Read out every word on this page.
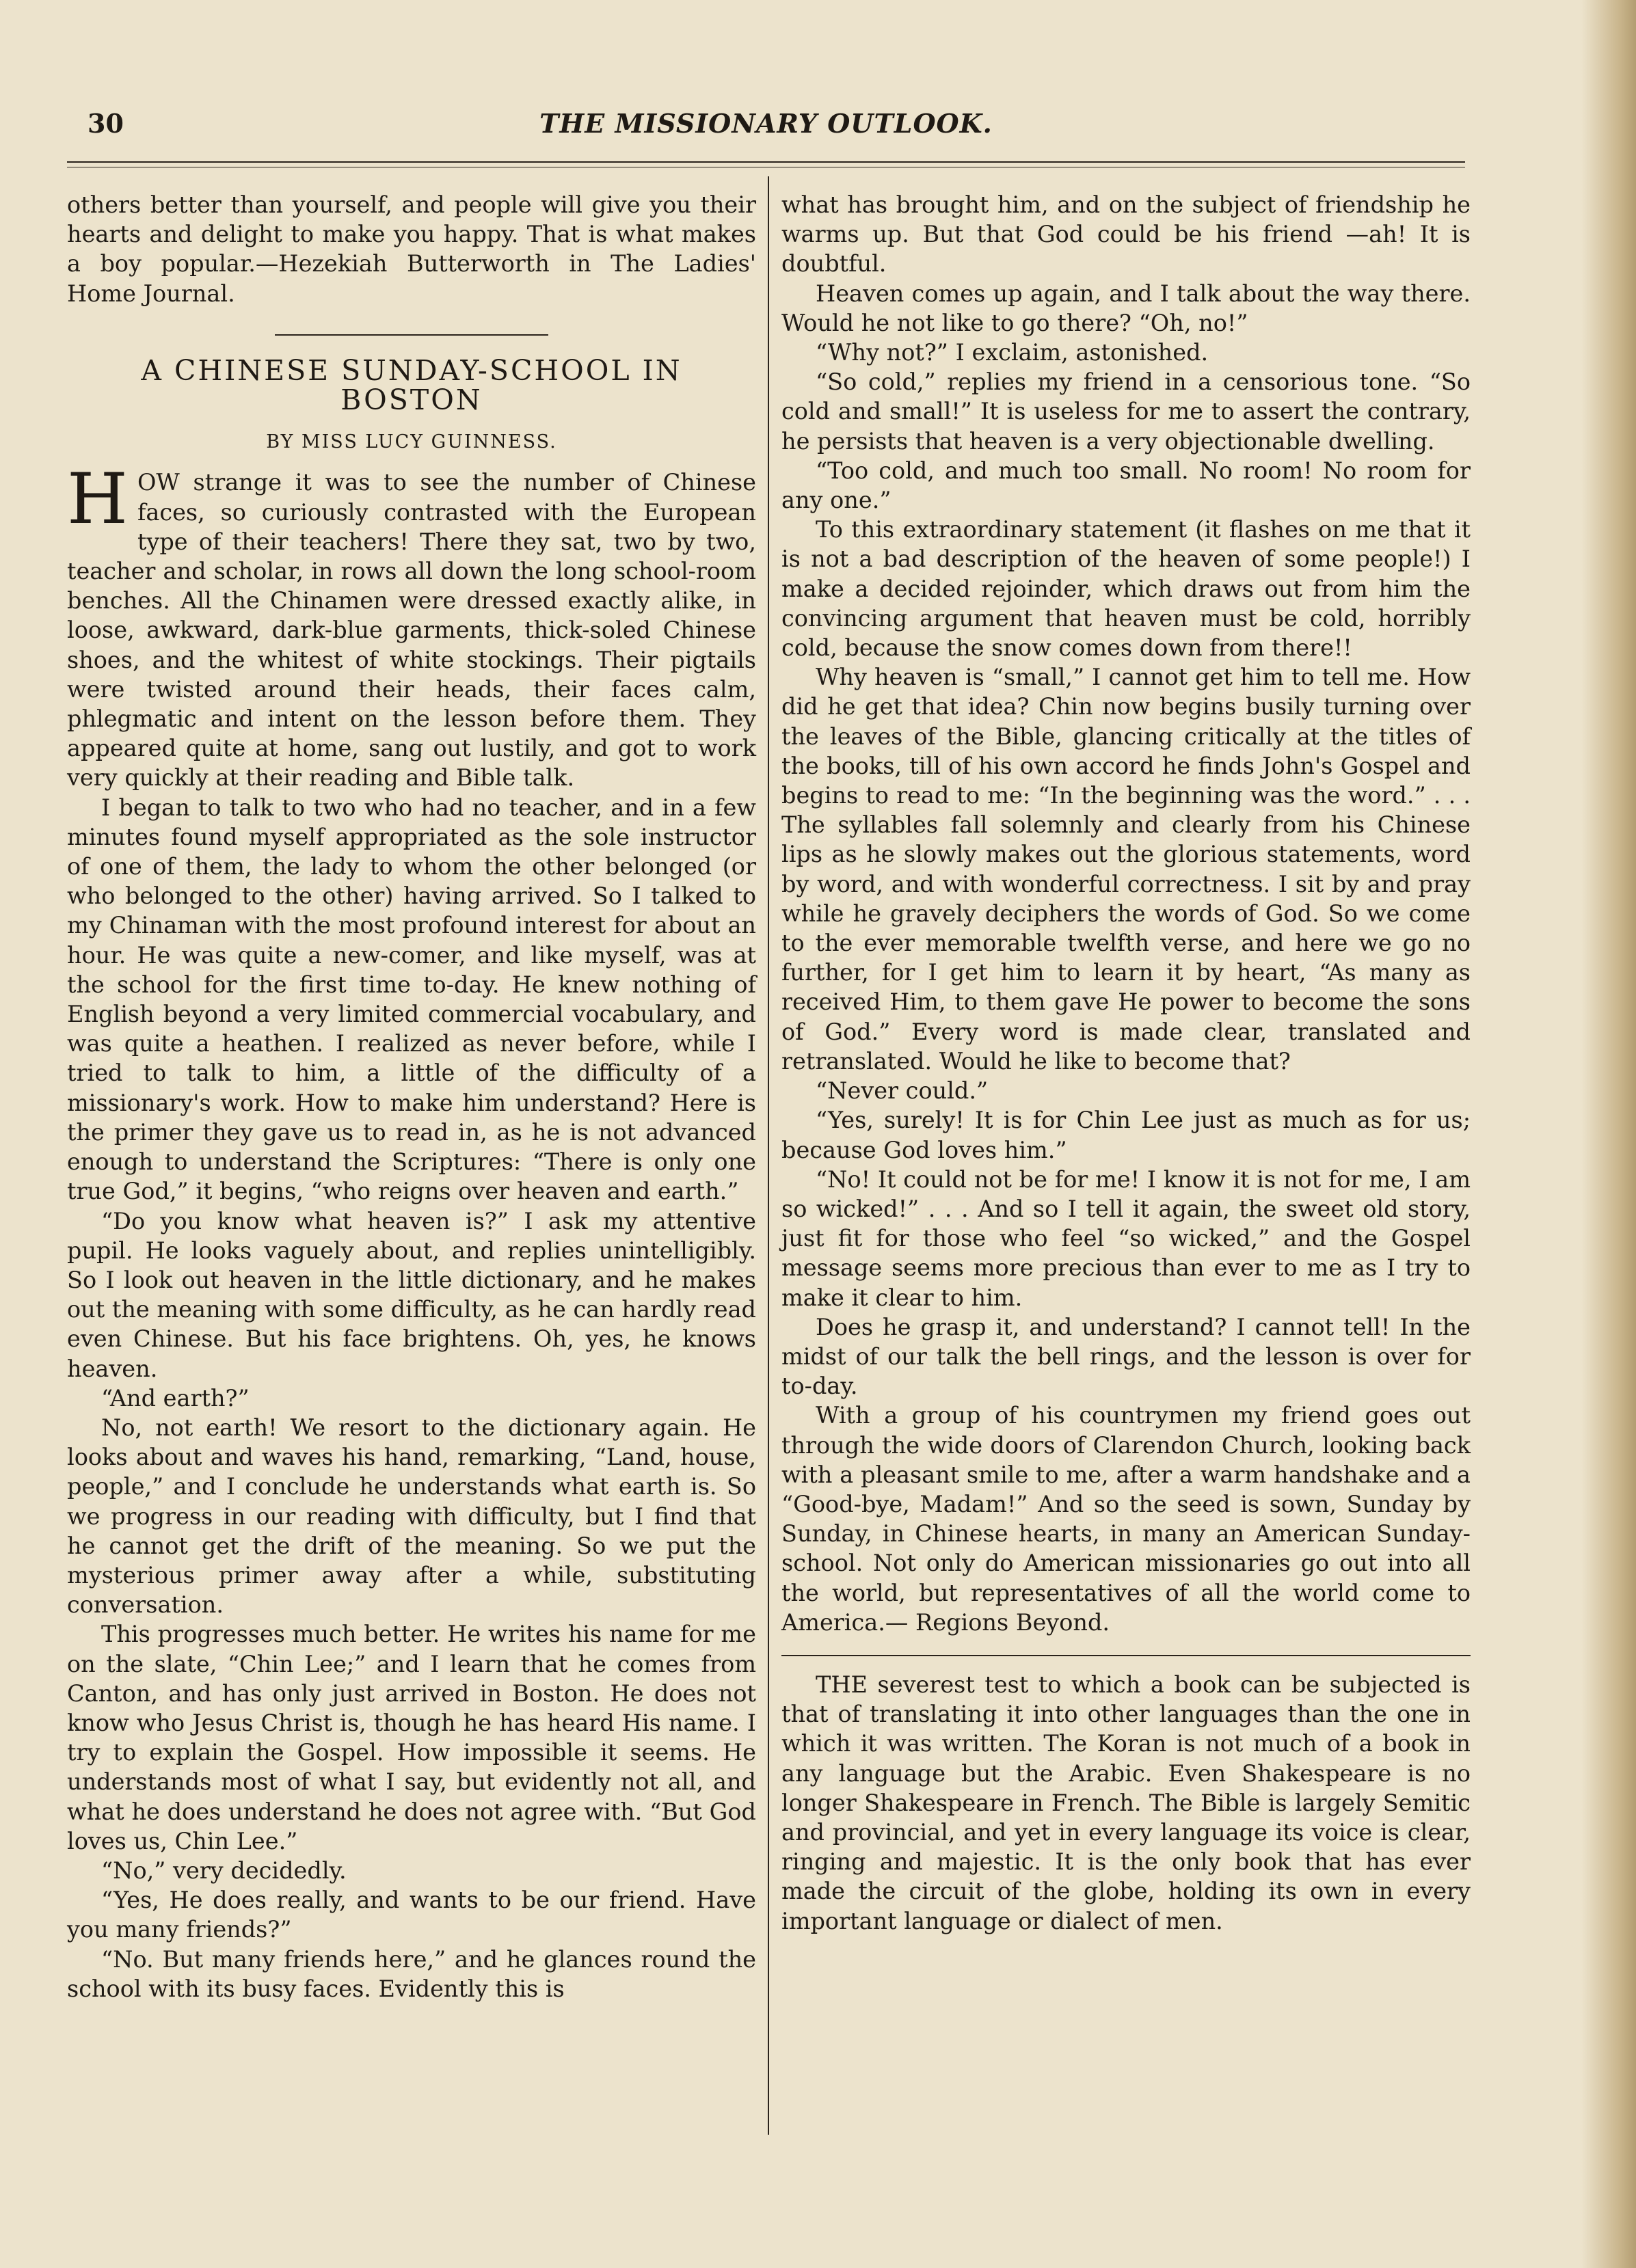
30	THE MISSIONARY OUTLOOK.

others better than yourself, and people will give you their hearts and delight to make you happy. That is what makes a boy popular.—Hezekiah Butterworth in The Ladies' Home Journal.

A CHINESE SUNDAY-SCHOOL IN BOSTON
BY MISS LUCY GUINNESS.

HOW strange it was to see the number of Chinese faces, so curiously contrasted with the European type of their teachers! There they sat, two by two, teacher and scholar, in rows all down the long school-room benches. All the Chinamen were dressed exactly alike, in loose, awkward, dark-blue garments, thick-soled Chinese shoes, and the whitest of white stockings. Their pigtails were twisted around their heads, their faces calm, phlegmatic and intent on the lesson before them. They appeared quite at home, sang out lustily, and got to work very quickly at their reading and Bible talk.

I began to talk to two who had no teacher, and in a few minutes found myself appropriated as the sole instructor of one of them, the lady to whom the other belonged (or who belonged to the other) having arrived. So I talked to my Chinaman with the most profound interest for about an hour. He was quite a new-comer, and like myself, was at the school for the first time to-day. He knew nothing of English beyond a very limited commercial vocabulary, and was quite a heathen. I realized as never before, while I tried to talk to him, a little of the difficulty of a missionary's work. How to make him understand? Here is the primer they gave us to read in, as he is not advanced enough to understand the Scriptures: “There is only one true God,” it begins, “who reigns over heaven and earth.”

“Do you know what heaven is?” I ask my attentive pupil. He looks vaguely about, and replies unintelligibly. So I look out heaven in the little dictionary, and he makes out the meaning with some difficulty, as he can hardly read even Chinese. But his face brightens. Oh, yes, he knows heaven.

“And earth?”

No, not earth! We resort to the dictionary again. He looks about and waves his hand, remarking, “Land, house, people,” and I conclude he understands what earth is. So we progress in our reading with difficulty, but I find that he cannot get the drift of the meaning. So we put the mysterious primer away after a while, substituting conversation.

This progresses much better. He writes his name for me on the slate, “Chin Lee;” and I learn that he comes from Canton, and has only just arrived in Boston. He does not know who Jesus Christ is, though he has heard His name. I try to explain the Gospel. How impossible it seems. He understands most of what I say, but evidently not all, and what he does understand he does not agree with. “But God loves us, Chin Lee.”

“No,” very decidedly.

“Yes, He does really, and wants to be our friend. Have you many friends?”

“No. But many friends here,” and he glances round the school with its busy faces. Evidently this is

what has brought him, and on the subject of friendship he warms up. But that God could be his friend —ah! It is doubtful.

Heaven comes up again, and I talk about the way there. Would he not like to go there? “Oh, no!”

“Why not?” I exclaim, astonished.

“So cold,” replies my friend in a censorious tone. “So cold and small!” It is useless for me to assert the contrary, he persists that heaven is a very objectionable dwelling.

“Too cold, and much too small. No room! No room for any one.”

To this extraordinary statement (it flashes on me that it is not a bad description of the heaven of some people!) I make a decided rejoinder, which draws out from him the convincing argument that heaven must be cold, horribly cold, because the snow comes down from there!!

Why heaven is “small,” I cannot get him to tell me. How did he get that idea? Chin now begins busily turning over the leaves of the Bible, glancing critically at the titles of the books, till of his own accord he finds John's Gospel and begins to read to me: “In the beginning was the word.” . . . The syllables fall solemnly and clearly from his Chinese lips as he slowly makes out the glorious statements, word by word, and with wonderful correctness. I sit by and pray while he gravely deciphers the words of God. So we come to the ever memorable twelfth verse, and here we go no further, for I get him to learn it by heart, “As many as received Him, to them gave He power to become the sons of God.” Every word is made clear, translated and retranslated. Would he like to become that?

“Never could.”

“Yes, surely! It is for Chin Lee just as much as for us; because God loves him.”

“No! It could not be for me! I know it is not for me, I am so wicked!” . . . And so I tell it again, the sweet old story, just fit for those who feel “so wicked,” and the Gospel message seems more precious than ever to me as I try to make it clear to him.

Does he grasp it, and understand? I cannot tell! In the midst of our talk the bell rings, and the lesson is over for to-day.

With a group of his countrymen my friend goes out through the wide doors of Clarendon Church, looking back with a pleasant smile to me, after a warm handshake and a “Good-bye, Madam!” And so the seed is sown, Sunday by Sunday, in Chinese hearts, in many an American Sunday-school. Not only do American missionaries go out into all the world, but representatives of all the world come to America.— Regions Beyond.

THE severest test to which a book can be subjected is that of translating it into other languages than the one in which it was written. The Koran is not much of a book in any language but the Arabic. Even Shakespeare is no longer Shakespeare in French. The Bible is largely Semitic and provincial, and yet in every language its voice is clear, ringing and majestic. It is the only book that has ever made the circuit of the globe, holding its own in every important language or dialect of men.
